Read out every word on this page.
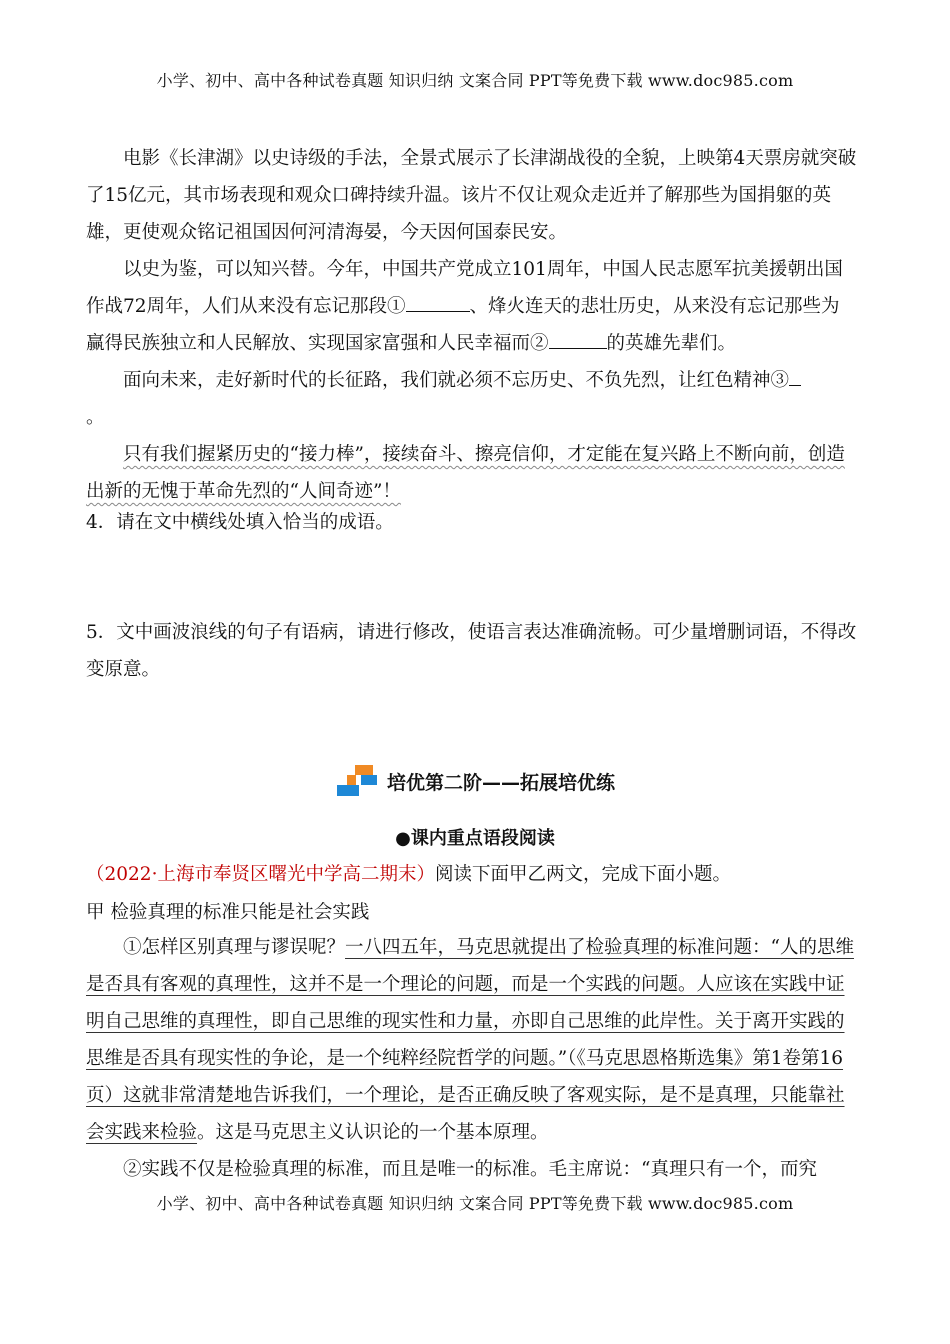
小学、初中、高中各种试卷真题 知识归纳 文案合同 PPT等免费下载 www.doc985.com

电影《长津湖》以史诗级的手法，全景式展示了长津湖战役的全貌，上映第4天票房就突破了15亿元，其市场表现和观众口碑持续升温。该片不仅让观众走近并了解那些为国捐躯的英雄，更使观众铭记祖国因何河清海晏，今天因何国泰民安。

以史为鉴，可以知兴替。今年，中国共产党成立101周年，中国人民志愿军抗美援朝出国作战72周年，人们从来没有忘记那段①	、烽火连天的悲壮历史，从来没有忘记那些为赢得民族独立和人民解放、实现国家富强和人民幸福而②	的英雄先辈们。

面向未来，走好新时代的长征路，我们就必须不忘历史、不负先烈，让红色精神③
。

只有我们握紧历史的“接力棒”，接续奋斗、擦亮信仰，才定能在复兴路上不断向前，创造出新的无愧于革命先烈的“人间奇迹”！

4．请在文中横线处填入恰当的成语。
5．文中画波浪线的句子有语病，请进行修改，使语言表达准确流畅。可少量增删词语，不得改变原意。
培优第二阶——拓展培优练
●课内重点语段阅读
（2022·上海市奉贤区曙光中学高二期末）阅读下面甲乙两文，完成下面小题。
甲 检验真理的标准只能是社会实践

①怎样区别真理与谬误呢？一八四五年，马克思就提出了检验真理的标准问题：“人的思维是否具有客观的真理性，这并不是一个理论的问题，而是一个实践的问题。人应该在实践中证明自己思维的真理性，即自己思维的现实性和力量，亦即自己思维的此岸性。关于离开实践的思维是否具有现实性的争论，是一个纯粹经院哲学的问题。”（《马克思恩格斯选集》第1卷第16页）这就非常清楚地告诉我们，一个理论，是否正确反映了客观实际，是不是真理，只能靠社会实践来检验。这是马克思主义认识论的一个基本原理。

②实践不仅是检验真理的标准，而且是唯一的标准。毛主席说：“真理只有一个，而究

小学、初中、高中各种试卷真题 知识归纳 文案合同 PPT等免费下载 www.doc985.com
